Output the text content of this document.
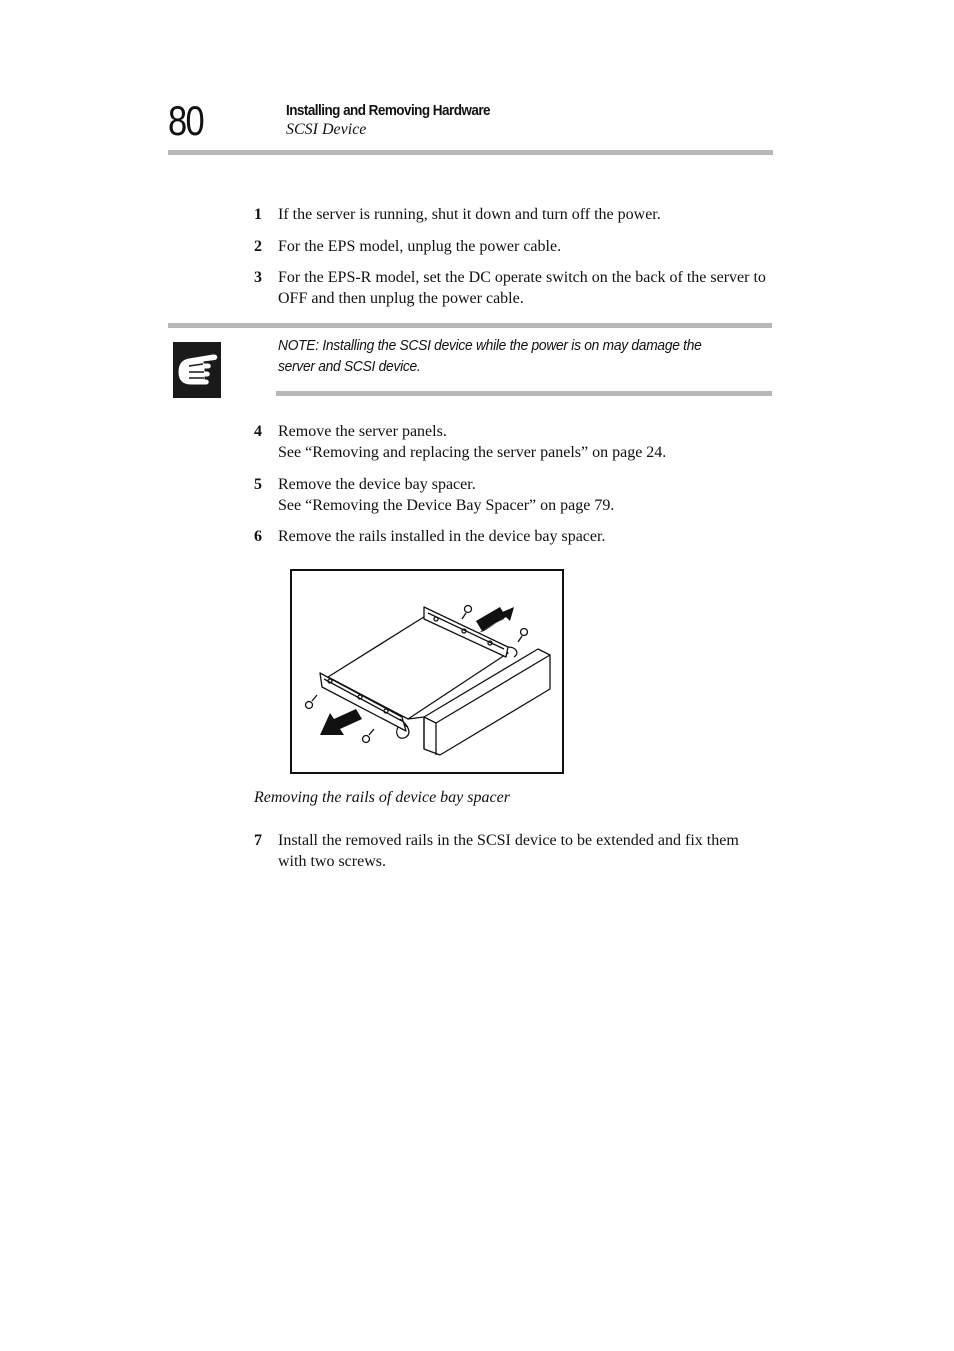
80	Installing and Removing Hardware
SCSI Device
1 If the server is running, shut it down and turn off the power.
2 For the EPS model, unplug the power cable.
3 For the EPS-R model, set the DC operate switch on the back of the server to
OFF and then unplug the power cable.
NOTE: Installing the SCSI device while the power is on may damage the
server and SCSI device.
4 Remove the server panels.
See “Removing and replacing the server panels” on page 24.
5 Remove the device bay spacer.
See “Removing the Device Bay Spacer” on page 79.
6 Remove the rails installed in the device bay spacer.
Removing the rails of device bay spacer
7 Install the removed rails in the SCSI device to be extended and fix them
with two screws.
